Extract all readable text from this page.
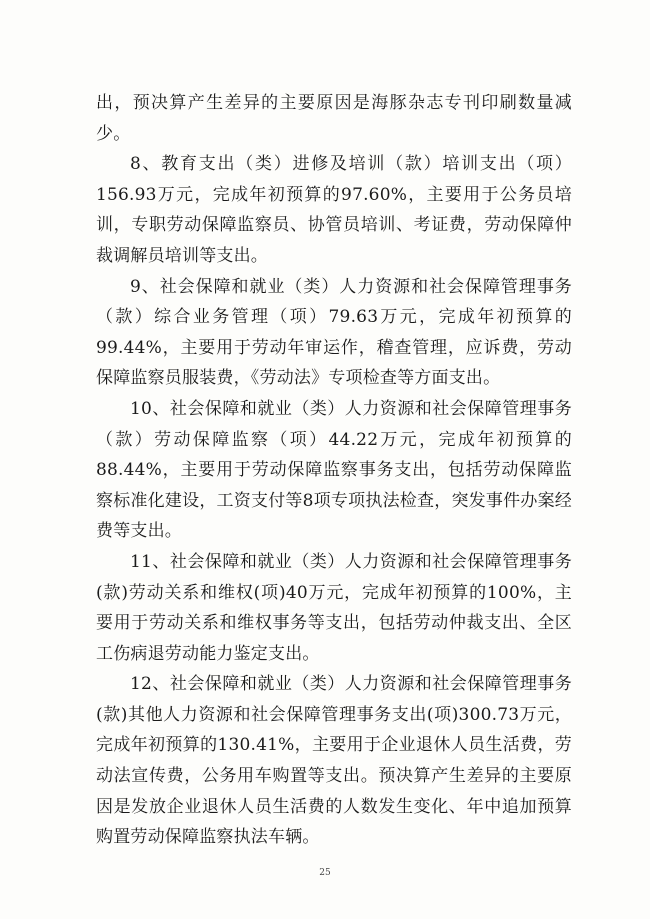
出，预决算产生差异的主要原因是海豚杂志专刊印刷数量减少。

8、教育支出（类）进修及培训（款）培训支出（项）156.93万元，完成年初预算的97.60%，主要用于公务员培训，专职劳动保障监察员、协管员培训、考证费，劳动保障仲裁调解员培训等支出。

9、社会保障和就业（类）人力资源和社会保障管理事务（款）综合业务管理（项）79.63万元，完成年初预算的99.44%，主要用于劳动年审运作，稽查管理，应诉费，劳动保障监察员服装费，《劳动法》专项检查等方面支出。

10、社会保障和就业（类）人力资源和社会保障管理事务（款）劳动保障监察（项）44.22万元，完成年初预算的88.44%，主要用于劳动保障监察事务支出，包括劳动保障监察标准化建设，工资支付等8项专项执法检查，突发事件办案经费等支出。

11、社会保障和就业（类）人力资源和社会保障管理事务(款)劳动关系和维权(项)40万元，完成年初预算的100%，主要用于劳动关系和维权事务等支出，包括劳动仲裁支出、全区工伤病退劳动能力鉴定支出。

12、社会保障和就业（类）人力资源和社会保障管理事务(款)其他人力资源和社会保障管理事务支出(项)300.73万元，完成年初预算的130.41%，主要用于企业退休人员生活费，劳动法宣传费，公务用车购置等支出。预决算产生差异的主要原因是发放企业退休人员生活费的人数发生变化、年中追加预算购置劳动保障监察执法车辆。

25
